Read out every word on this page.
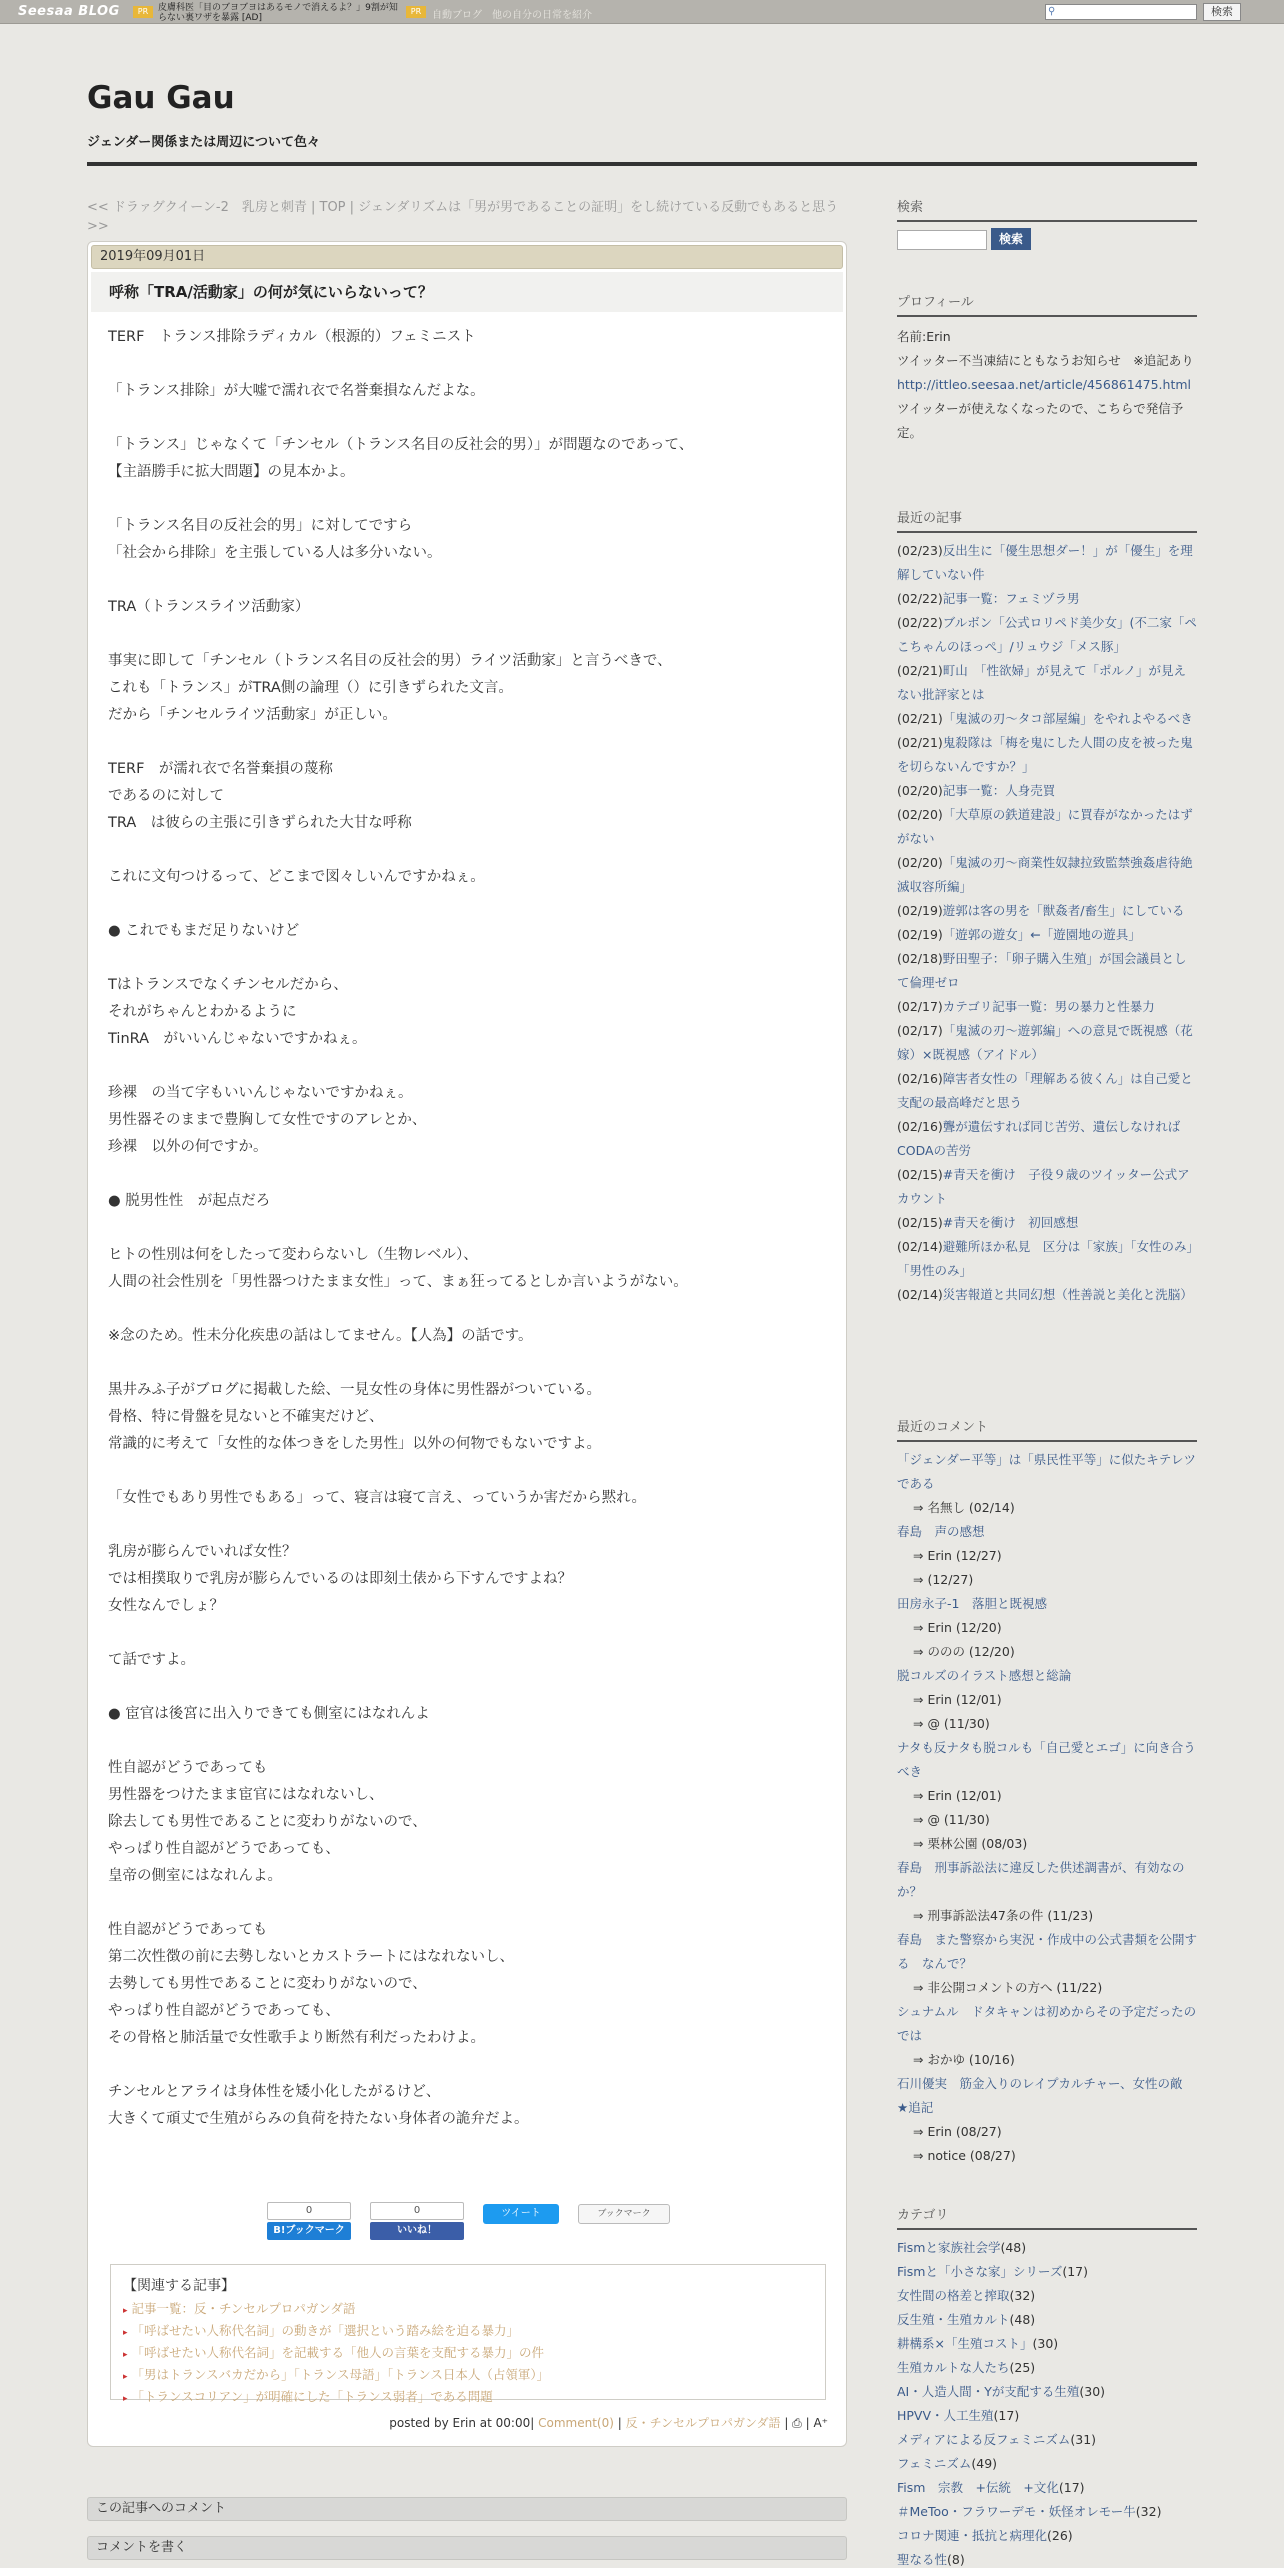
Seesaa BLOG	PR	皮膚科医「目のブヨブヨはあるモノで消えるよ？」9割が知らない裏ワザを暴露 [AD]
PR	自動ブログ　他の自分の日常を紹介	⚲	検索
Gau Gau
ジェンダー関係または周辺について色々
<< ドラァグクイーン-2　乳房と刺青 | TOP | ジェンダリズムは「男が男であることの証明」をし続けている反動でもあると思う >>
2019年09月01日
呼称「TRA/活動家」の何が気にいらないって？

TERF　トランス排除ラディカル（根源的）フェミニスト

「トランス排除」が大嘘で濡れ衣で名誉棄損なんだよな。

「トランス」じゃなくて「チンセル（トランス名目の反社会的男）」が問題なのであって、

【主語勝手に拡大問題】の見本かよ。

「トランス名目の反社会的男」に対してですら

「社会から排除」を主張している人は多分いない。

TRA（トランスライツ活動家）

事実に即して「チンセル（トランス名目の反社会的男）ライツ活動家」と言うべきで、

これも「トランス」がTRA側の論理（）に引きずられた文言。

だから「チンセルライツ活動家」が正しい。

TERF　が濡れ衣で名誉棄損の蔑称

であるのに対して

TRA　は彼らの主張に引きずられた大甘な呼称

これに文句つけるって、どこまで図々しいんですかねぇ。

● これでもまだ足りないけど

Tはトランスでなくチンセルだから、

それがちゃんとわかるように

TinRA　がいいんじゃないですかねぇ。

珍裸　の当て字もいいんじゃないですかねぇ。

男性器そのままで豊胸して女性ですのアレとか、

珍裸　以外の何ですか。

● 脱男性性　が起点だろ

ヒトの性別は何をしたって変わらないし（生物レベル）、

人間の社会性別を「男性器つけたまま女性」って、まぁ狂ってるとしか言いようがない。

※念のため。性未分化疾患の話はしてません。【人為】の話です。

黒井みふ子がブログに掲載した絵、一見女性の身体に男性器がついている。

骨格、特に骨盤を見ないと不確実だけど、

常識的に考えて「女性的な体つきをした男性」以外の何物でもないですよ。

「女性でもあり男性でもある」って、寝言は寝て言え、っていうか害だから黙れ。

乳房が膨らんでいれば女性？

では相撲取りで乳房が膨らんでいるのは即刻土俵から下すんですよね？

女性なんでしょ？

て話ですよ。

● 宦官は後宮に出入りできても側室にはなれんよ

性自認がどうであっても

男性器をつけたまま宦官にはなれないし、

除去しても男性であることに変わりがないので、

やっぱり性自認がどうであっても、

皇帝の側室にはなれんよ。

性自認がどうであっても

第二次性徴の前に去勢しないとカストラートにはなれないし、

去勢しても男性であることに変わりがないので、

やっぱり性自認がどうであっても、

その骨格と肺活量で女性歌手より断然有利だったわけよ。

チンセルとアライは身体性を矮小化したがるけど、

大きくて頑丈で生殖がらみの負荷を持たない身体者の詭弁だよ。

0
B!ブックマーク
0
いいね！
ツイート	ブックマーク
【関連する記事】
▸ 記事一覧：反・チンセルプロパガンダ語
▸ 「呼ばせたい人称代名詞」の動きが「選択という踏み絵を迫る暴力」
▸ 「呼ばせたい人称代名詞」を記載する「他人の言葉を支配する暴力」の件
▸ 「男はトランスバカだから」「トランス母語」「トランス日本人（占領軍）」
▸ 「トランスコリアン」が明確にした「トランス弱者」である問題
posted by Erin at 00:00| Comment(0) | 反・チンセルプロパガンダ語 | ⎙ | A⁺
この記事へのコメント
コメントを書く
検索
検索
プロフィール
名前:Erin
ツイッター不当凍結にともなうお知らせ　※追記あり
http://ittleo.seesaa.net/article/456861475.html
ツイッターが使えなくなったので、こちらで発信予定。
最近の記事
(02/23)反出生に「優生思想ダー！」が「優生」を理解していない件
(02/22)記事一覧：フェミヅラ男
(02/22)ブルボン「公式ロリペド美少女」(不二家「ペこちゃんのほっぺ」/リュウジ「メス豚」
(02/21)町山　「性欲婦」が見えて「ポルノ」が見えない批評家とは
(02/21)「鬼滅の刃～タコ部屋編」をやれよやるべき
(02/21)鬼殺隊は「梅を鬼にした人間の皮を被った鬼を切らないんですか？」
(02/20)記事一覧：人身売買
(02/20)「大草原の鉄道建設」に買春がなかったはずがない
(02/20)「鬼滅の刃～商業性奴隷拉致監禁強姦虐待絶滅収容所編」
(02/19)遊郭は客の男を「獣姦者/畜生」にしている
(02/19)「遊郭の遊女」←「遊園地の遊具」
(02/18)野田聖子：「卵子購入生殖」が国会議員として倫理ゼロ
(02/17)カテゴリ記事一覧：男の暴力と性暴力
(02/17)「鬼滅の刃～遊郭編」への意見で既視感（花嫁）×既視感（アイドル）
(02/16)障害者女性の「理解ある彼くん」は自己愛と支配の最高峰だと思う
(02/16)聾が遺伝すれば同じ苦労、遺伝しなければCODAの苦労
(02/15)#青天を衝け　子役９歳のツイッター公式アカウント
(02/15)#青天を衝け　初回感想
(02/14)避難所ほか私見　区分は「家族」「女性のみ」「男性のみ」
(02/14)災害報道と共同幻想（性善説と美化と洗脳）
最近のコメント
「ジェンダー平等」は「県民性平等」に似たキテレツである
⇒ 名無し (02/14)
春島　声の感想
⇒ Erin (12/27)
⇒ (12/27)
田房永子-1　落胆と既視感
⇒ Erin (12/20)
⇒ ののの (12/20)
脱コルズのイラスト感想と総論
⇒ Erin (12/01)
⇒ @ (11/30)
ナタも反ナタも脱コルも「自己愛とエゴ」に向き合うべき
⇒ Erin (12/01)
⇒ @ (11/30)
⇒ 栗林公園 (08/03)
春島　刑事訴訟法に違反した供述調書が、有効なのか？
⇒ 刑事訴訟法47条の件 (11/23)
春島　また警察から実況・作成中の公式書類を公開する　なんで？
⇒ 非公開コメントの方へ (11/22)
シュナムル　ドタキャンは初めからその予定だったのでは
⇒ おかゆ (10/16)
石川優実　筋金入りのレイプカルチャー、女性の敵　★追記
⇒ Erin (08/27)
⇒ notice (08/27)
カテゴリ
Fismと家族社会学(48)
Fismと「小さな家」シリーズ(17)
女性間の格差と搾取(32)
反生殖・生殖カルト(48)
耕構系×「生殖コスト」(30)
生殖カルトな人たち(25)
AI・人造人間・Yが支配する生殖(30)
HPVV・人工生殖(17)
メディアによる反フェミニズム(31)
フェミニズム(49)
Fism　宗教　+伝統　+文化(17)
＃MeToo・フラワーデモ・妖怪オレモー牛(32)
コロナ関連・抵抗と病理化(26)
聖なる性(8)
